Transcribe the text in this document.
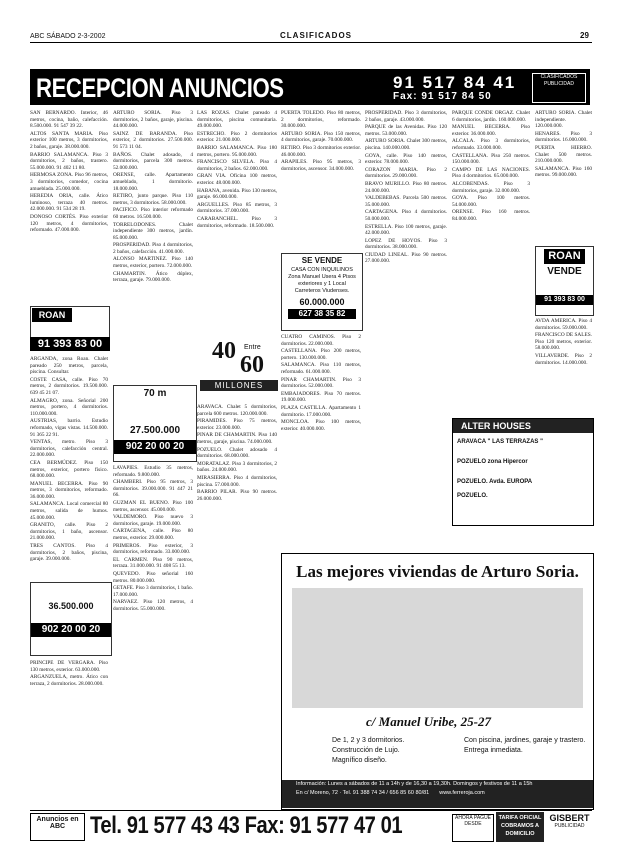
ABC SÁBADO 2-3-2002	CLASIFICADOS	29
RECEPCION ANUNCIOS	91 517 84 41
Fax: 91 517 84 50
CLASIFICADOS PUBLICIDAD

SAN BERNARDO. Interior, 46 metros, cocina, baño, calefacción. 8.500.000. 91 547 39 22.

ALTOS SANTA MARIA. Piso exterior 100 metros, 3 dormitorios, 2 baños, garaje. 38.000.000.

BARRIO SALAMANCA. Piso 3 dormitorios, 2 baños, trastero. 55.000.000. 91 402 11 80.

HERMOSA ZONA. Piso 96 metros, 3 dormitorios, comedor, cocina amueblada. 25.000.000.

HEREDIA ORIA, calle. Ático luminoso, terraza 40 metros. 42.000.000. 91 534 28 19.

DONOSO CORTÉS. Piso exterior 120 metros, 4 dormitorios, reformado. 47.000.000.

ROAN
91 393 83 00

ARGANDA, zona Roan. Chalet pareado 250 metros, parcela, piscina. Consultar.

COSTE CASA, calle. Piso 70 metros, 2 dormitorios. 19.500.000. 639 45 21 07.

ALMAGRO, zona. Señorial 200 metros, portero, 4 dormitorios. 110.000.000.

AUSTRIAS, barrio. Estudio reformado, vigas vistas. 14.500.000. 91 365 22 91.

VENTAS, metro. Piso 3 dormitorios, calefacción central. 22.000.000.

CEA BERMÚDEZ. Piso 150 metros, exterior, portero físico. 68.000.000.

MANUEL BECERRA. Piso 90 metros, 3 dormitorios, reformado. 36.000.000.

SALAMANCA. Local comercial 80 metros, salida de humos. 45.000.000.

GRANITO, calle. Piso 2 dormitorios, 1 baño, ascensor. 21.000.000.

TRES CANTOS. Piso 4 dormitorios, 2 baños, piscina, garaje. 39.000.000.

36.500.000
902 20 00 20

PRINCIPE DE VERGARA. Piso 130 metros, exterior. 63.000.000.

ARGANZUELA, metro. Ático con terraza, 2 dormitorios. 28.000.000.

ARTURO SORIA. Piso 3 dormitorios, 2 baños, garaje, piscina. 44.000.000.

SAINZ DE BARANDA. Piso exterior, 2 dormitorios. 27.500.000. 91 573 11 04.

BAÑOS. Chalet adosado, 4 dormitorios, parcela 300 metros. 52.000.000.

ORENSE, calle. Apartamento amueblado, 1 dormitorio. 18.000.000.

RETIRO, junto parque. Piso 110 metros, 3 dormitorios. 58.000.000.

PACIFICO. Piso interior reformado 60 metros. 16.500.000.

TORRELODONES. Chalet independiente 300 metros, jardín. 85.000.000.

PROSPERIDAD. Piso 4 dormitorios, 2 baños, calefacción. 41.000.000.

ALONSO MARTINEZ. Piso 140 metros, exterior, portero. 72.000.000.

CHAMARTIN. Ático dúplex, terraza, garaje. 79.000.000.

70 m
27.500.000
902 20 00 20

LAVAPIES. Estudio 35 metros, reformado. 9.800.000.

CHAMBERI. Piso 95 metros, 3 dormitorios. 39.000.000. 91 447 21 66.

GUZMAN EL BUENO. Piso 100 metros, ascensor. 45.000.000.

VALDEMORO. Piso nuevo 3 dormitorios, garaje. 19.000.000.

CARTAGENA, calle. Piso 80 metros, exterior. 29.000.000.

PRIMEROS. Piso exterior, 3 dormitorios, reformado. 33.000.000.

EL CARMEN. Piso 90 metros, terraza. 31.000.000. 91 408 55 13.

QUEVEDO. Piso señorial 160 metros. 80.000.000.

GETAFE. Piso 3 dormitorios, 1 baño. 17.000.000.

NARVAEZ. Piso 120 metros, 4 dormitorios. 55.000.000.

LAS ROZAS. Chalet pareado 4 dormitorios, piscina comunitaria. 49.000.000.

ESTRECHO. Piso 2 dormitorios exterior. 21.000.000.

BARRIO SALAMANCA. Piso 180 metros, portero. 95.000.000.

FRANCISCO SILVELA. Piso 4 dormitorios, 2 baños. 62.000.000.

GRAN VIA. Oficina 100 metros, exterior. 48.000.000.

HABANA, avenida. Piso 130 metros, garaje. 66.000.000.

ARGUELLES. Piso 85 metros, 3 dormitorios. 37.000.000.

CARABANCHEL. Piso 3 dormitorios, reformado. 18.500.000.

40 Entre
60
MILLONES

ARAVACA. Chalet 5 dormitorios, parcela 600 metros. 120.000.000.

PIRAMIDES. Piso 75 metros, exterior. 23.000.000.

PINAR DE CHAMARTIN. Piso 140 metros, garaje, piscina. 74.000.000.

POZUELO. Chalet adosado 4 dormitorios. 68.000.000.

MORATALAZ. Piso 3 dormitorios, 2 baños. 24.000.000.

MIRASIERRA. Piso 4 dormitorios, piscina. 57.000.000.

BARRIO PILAR. Piso 90 metros. 26.000.000.

PUERTA TOLEDO. Piso 80 metros, 2 dormitorios, reformado. 30.000.000.

ARTURO SORIA. Piso 150 metros, 4 dormitorios, garaje. 70.000.000.

RETIRO. Piso 3 dormitorios exterior. 46.000.000.

ARAPILES. Piso 95 metros, 3 dormitorios, ascensor. 34.000.000.

SE VENDE
CASA CON INQUILINOS Zona Manuel Usera 4 Pisos exteriores y 1 Local Carreteros Viudenses.
60.000.000
627 38 35 82

CUATRO CAMINOS. Piso 2 dormitorios. 22.000.000.

CASTELLANA. Piso 200 metros, portero. 130.000.000.

SALAMANCA. Piso 110 metros, reformado. 61.000.000.

PINAR CHAMARTIN. Piso 3 dormitorios. 52.000.000.

EMBAJADORES. Piso 70 metros. 19.000.000.

PLAZA CASTILLA. Apartamento 1 dormitorio. 17.000.000.

MONCLOA. Piso 100 metros, exterior. 40.000.000.

PROSPERIDAD. Piso 3 dormitorios, 2 baños, garaje. 43.000.000.

PARQUE de las Avenidas. Piso 120 metros. 53.000.000.

ARTURO SORIA. Chalet 300 metros, piscina. 140.000.000.

GOYA, calle. Piso 140 metros, exterior. 78.000.000.

CORAZON MARIA. Piso 2 dormitorios. 29.000.000.

BRAVO MURILLO. Piso 80 metros. 24.000.000.

VALDEBEBAS. Parcela 500 metros. 35.000.000.

CARTAGENA. Piso 4 dormitorios. 50.000.000.

ESTRELLA. Piso 100 metros, garaje. 42.000.000.

LOPEZ DE HOYOS. Piso 3 dormitorios. 38.000.000.

CIUDAD LINEAL. Piso 90 metros. 27.000.000.

PARQUE CONDE ORGAZ. Chalet 6 dormitorios, jardín. 160.000.000.

MANUEL BECERRA. Piso exterior. 36.000.000.

ALCALA. Piso 3 dormitorios, reformado. 33.000.000.

CASTELLANA. Piso 250 metros. 150.000.000.

CAMPO DE LAS NACIONES. Piso 4 dormitorios. 65.000.000.

ALCOBENDAS. Piso 3 dormitorios, garaje. 32.000.000.

GOYA. Piso 100 metros. 54.000.000.

ORENSE. Piso 160 metros. 84.000.000.

ARTURO SORIA. Chalet independiente. 120.000.000.

HENARES. Piso 3 dormitorios. 16.000.000.

PUERTA HIERRO. Chalet 500 metros. 210.000.000.

SALAMANCA. Piso 160 metros. 99.000.000.

ROAN
VENDE
91 393 83 00

AVDA AMERICA. Piso 4 dormitorios. 59.000.000.

FRANCISCO DE SALES. Piso 120 metros, exterior. 58.000.000.

VILLAVERDE. Piso 2 dormitorios. 14.000.000.

ALTER HOUSES
ARAVACA " LAS TERRAZAS "
POZUELO zona Hipercor
POZUELO. Avda. EUROPA
POZUELO.
Las mejores viviendas de Arturo Soria.
c/ Manuel Uribe, 25-27
De 1, 2 y 3 dormitorios.
Construcción de Lujo.
Magnífico diseño.
Con piscina, jardines, garaje y trastero.
Entrega inmediata.
Información: Lunes a sábados de 11 a 14h y de 16,30 a 19,30h. Domingos y festivos de 11 a 15h
En c/ Moreno, 72 · Tel. 91 388 74 34 / 656 85 60 80/81 www.ferreroja.com
Anuncios en ABC	Tel. 91 577 43 43 Fax: 91 577 47 01	AHORA PAGUE DESDE
TARIFA OFICIAL COBRAMOS A DOMICILIO
GISBERT
PUBLICIDAD
